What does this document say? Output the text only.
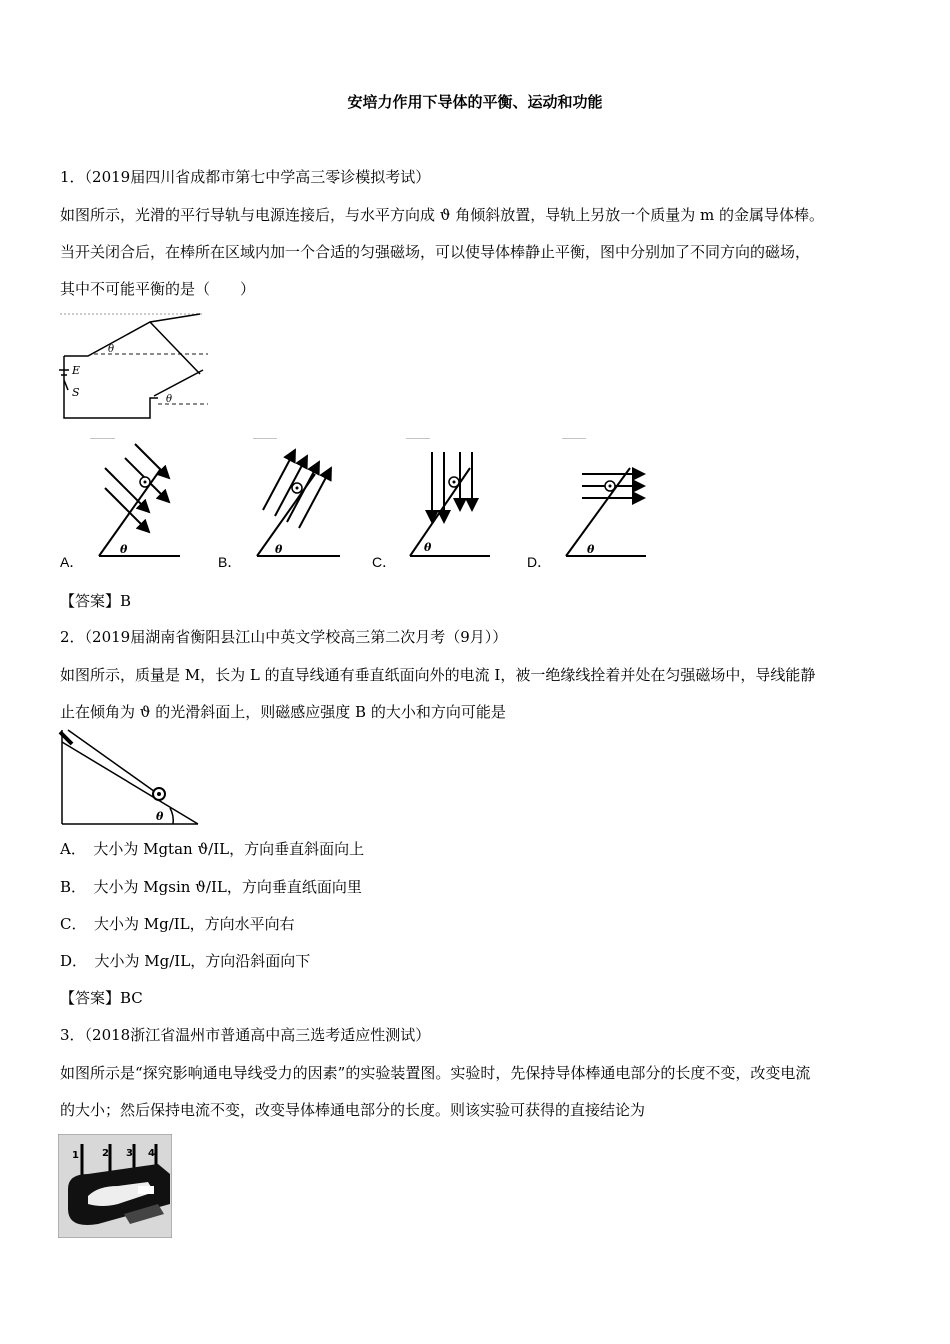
安培力作用下导体的平衡、运动和功能
1．（2019届四川省成都市第七中学高三零诊模拟考试）
如图所示，光滑的平行导轨与电源连接后，与水平方向成 ϑ 角倾斜放置，导轨上另放一个质量为 m 的金属导体棒。
当开关闭合后，在棒所在区域内加一个合适的匀强磁场，可以使导体棒静止平衡，图中分别加了不同方向的磁场，
其中不可能平衡的是（　　）
E
S
θ
θ
A．
θ
B．
θ
C．
θ
D．
θ
【答案】B
2．（2019届湖南省衡阳县江山中英文学校高三第二次月考（9月））
如图所示，质量是 M，长为 L 的直导线通有垂直纸面向外的电流 I，被一绝缘线拴着并处在匀强磁场中，导线能静
止在倾角为 ϑ 的光滑斜面上，则磁感应强度 B 的大小和方向可能是
θ
A．　大小为 Mgtan ϑ/IL，方向垂直斜面向上
B．　大小为 Mgsin ϑ/IL，方向垂直纸面向里
C．　大小为 Mg/IL，方向水平向右
D．　大小为 Mg/IL，方向沿斜面向下
【答案】BC
3．（2018浙江省温州市普通高中高三选考适应性测试）
如图所示是“探究影响通电导线受力的因素”的实验装置图。实验时，先保持导体棒通电部分的长度不变，改变电流
的大小；然后保持电流不变，改变导体棒通电部分的长度。则该实验可获得的直接结论为
1 2 3 4
